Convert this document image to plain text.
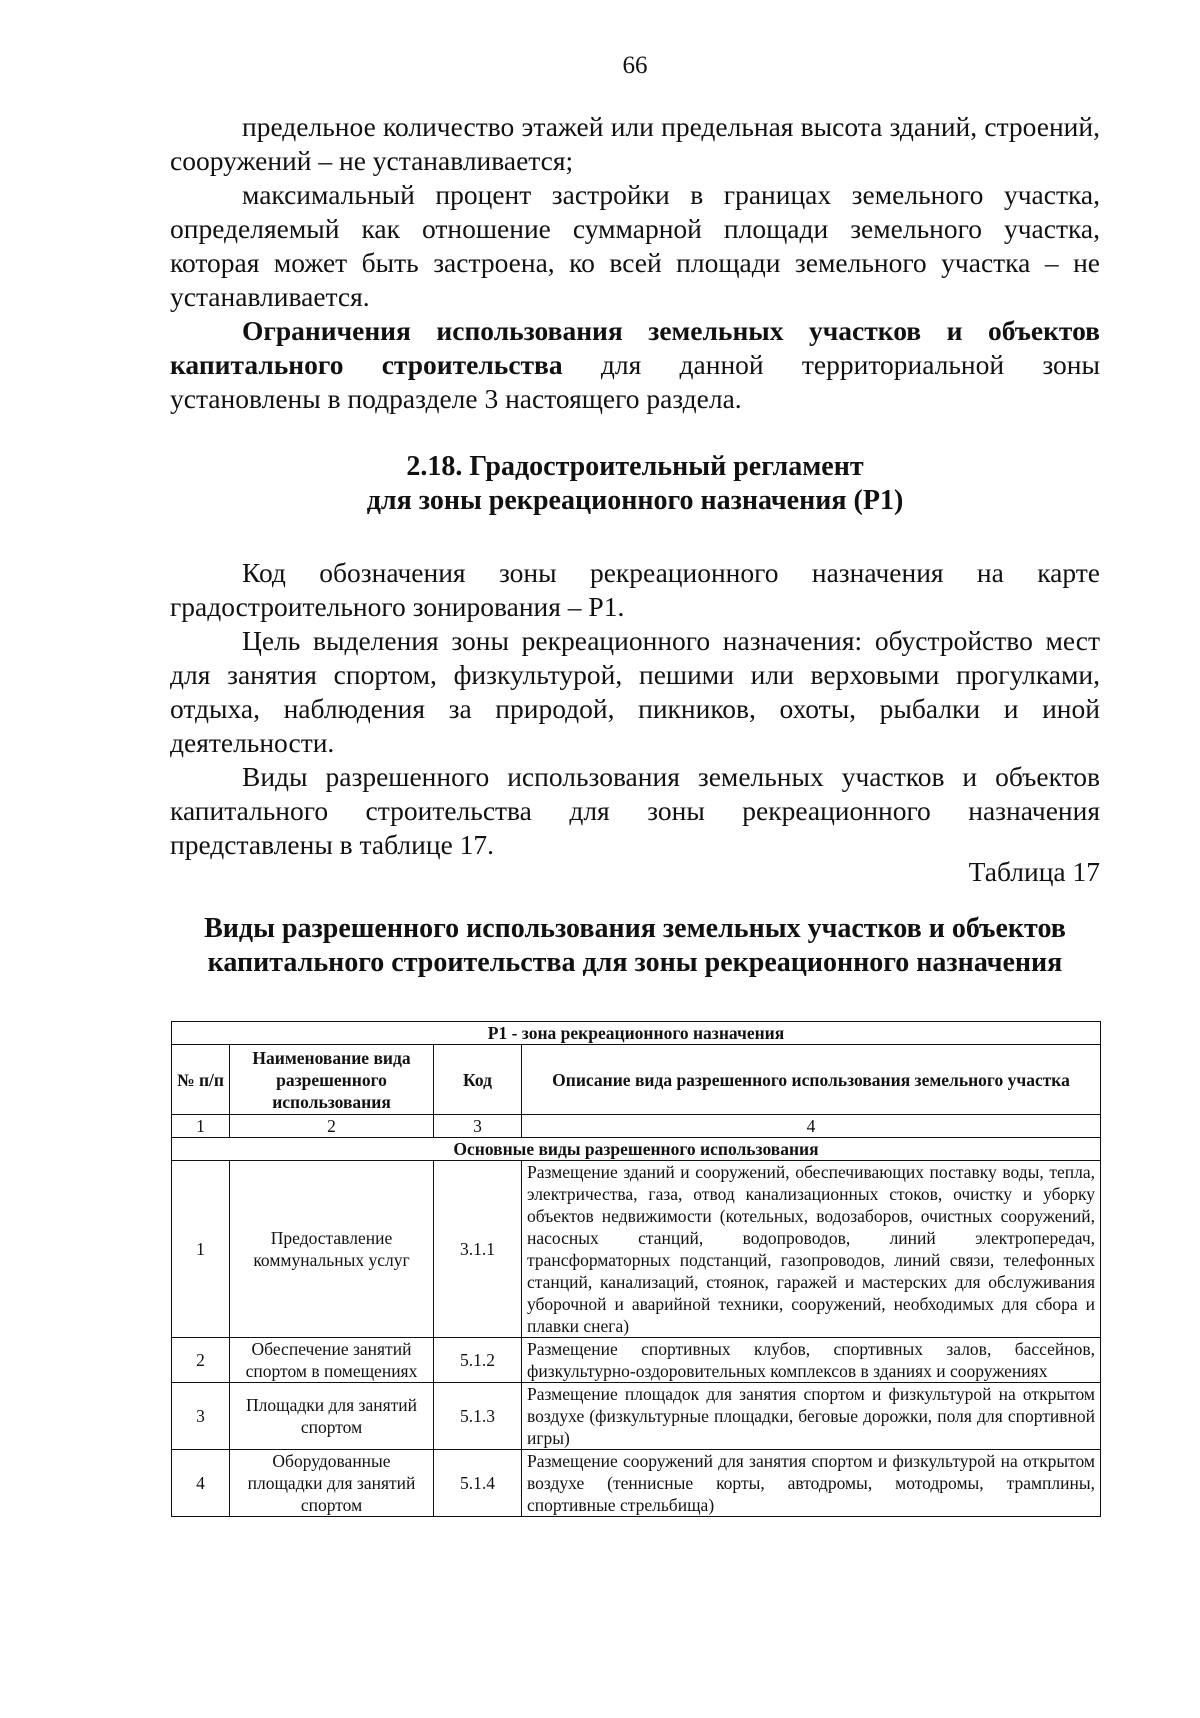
66

предельное количество этажей или предельная высота зданий, строений, сооружений – не устанавливается;

максимальный процент застройки в границах земельного участка, определяемый как отношение суммарной площади земельного участка, которая может быть застроена, ко всей площади земельного участка – не устанавливается.

Ограничения использования земельных участков и объектов капитального строительства для данной территориальной зоны установлены в подразделе 3 настоящего раздела.

2.18. Градостроительный регламент
для зоны рекреационного назначения (Р1)

Код обозначения зоны рекреационного назначения на карте градостроительного зонирования – Р1.

Цель выделения зоны рекреационного назначения: обустройство мест для занятия спортом, физкультурой, пешими или верховыми прогулками, отдыха, наблюдения за природой, пикников, охоты, рыбалки и иной деятельности.

Виды разрешенного использования земельных участков и объектов капитального строительства для зоны рекреационного назначения представлены в таблице 17.

Таблица 17
Виды разрешенного использования земельных участков и объектов
капитального строительства для зоны рекреационного назначения
Р1 - зона рекреационного назначения			
№ п/п	Наименование вида разрешенного использования	Код	Описание вида разрешенного использования земельного участка
1	2	3	4
Основные виды разрешенного использования			
1	Предоставление коммунальных услуг	3.1.1	Размещение зданий и сооружений, обеспечивающих поставку воды, тепла, электричества, газа, отвод канализационных стоков, очистку и уборку объектов недвижимости (котельных, водозаборов, очистных сооружений, насосных станций, водопроводов, линий электропередач, трансформаторных подстанций, газопроводов, линий связи, телефонных станций, канализаций, стоянок, гаражей и мастерских для обслуживания уборочной и аварийной техники, сооружений, необходимых для сбора и плавки снега)
2	Обеспечение занятий спортом в помещениях	5.1.2	Размещение спортивных клубов, спортивных залов, бассейнов, физкультурно-оздоровительных комплексов в зданиях и сооружениях
3	Площадки для занятий спортом	5.1.3	Размещение площадок для занятия спортом и физкультурой на открытом воздухе (физкультурные площадки, беговые дорожки, поля для спортивной игры)
4	Оборудованные площадки для занятий спортом	5.1.4	Размещение сооружений для занятия спортом и физкультурой на открытом воздухе (теннисные корты, автодромы, мотодромы, трамплины, спортивные стрельбища)
